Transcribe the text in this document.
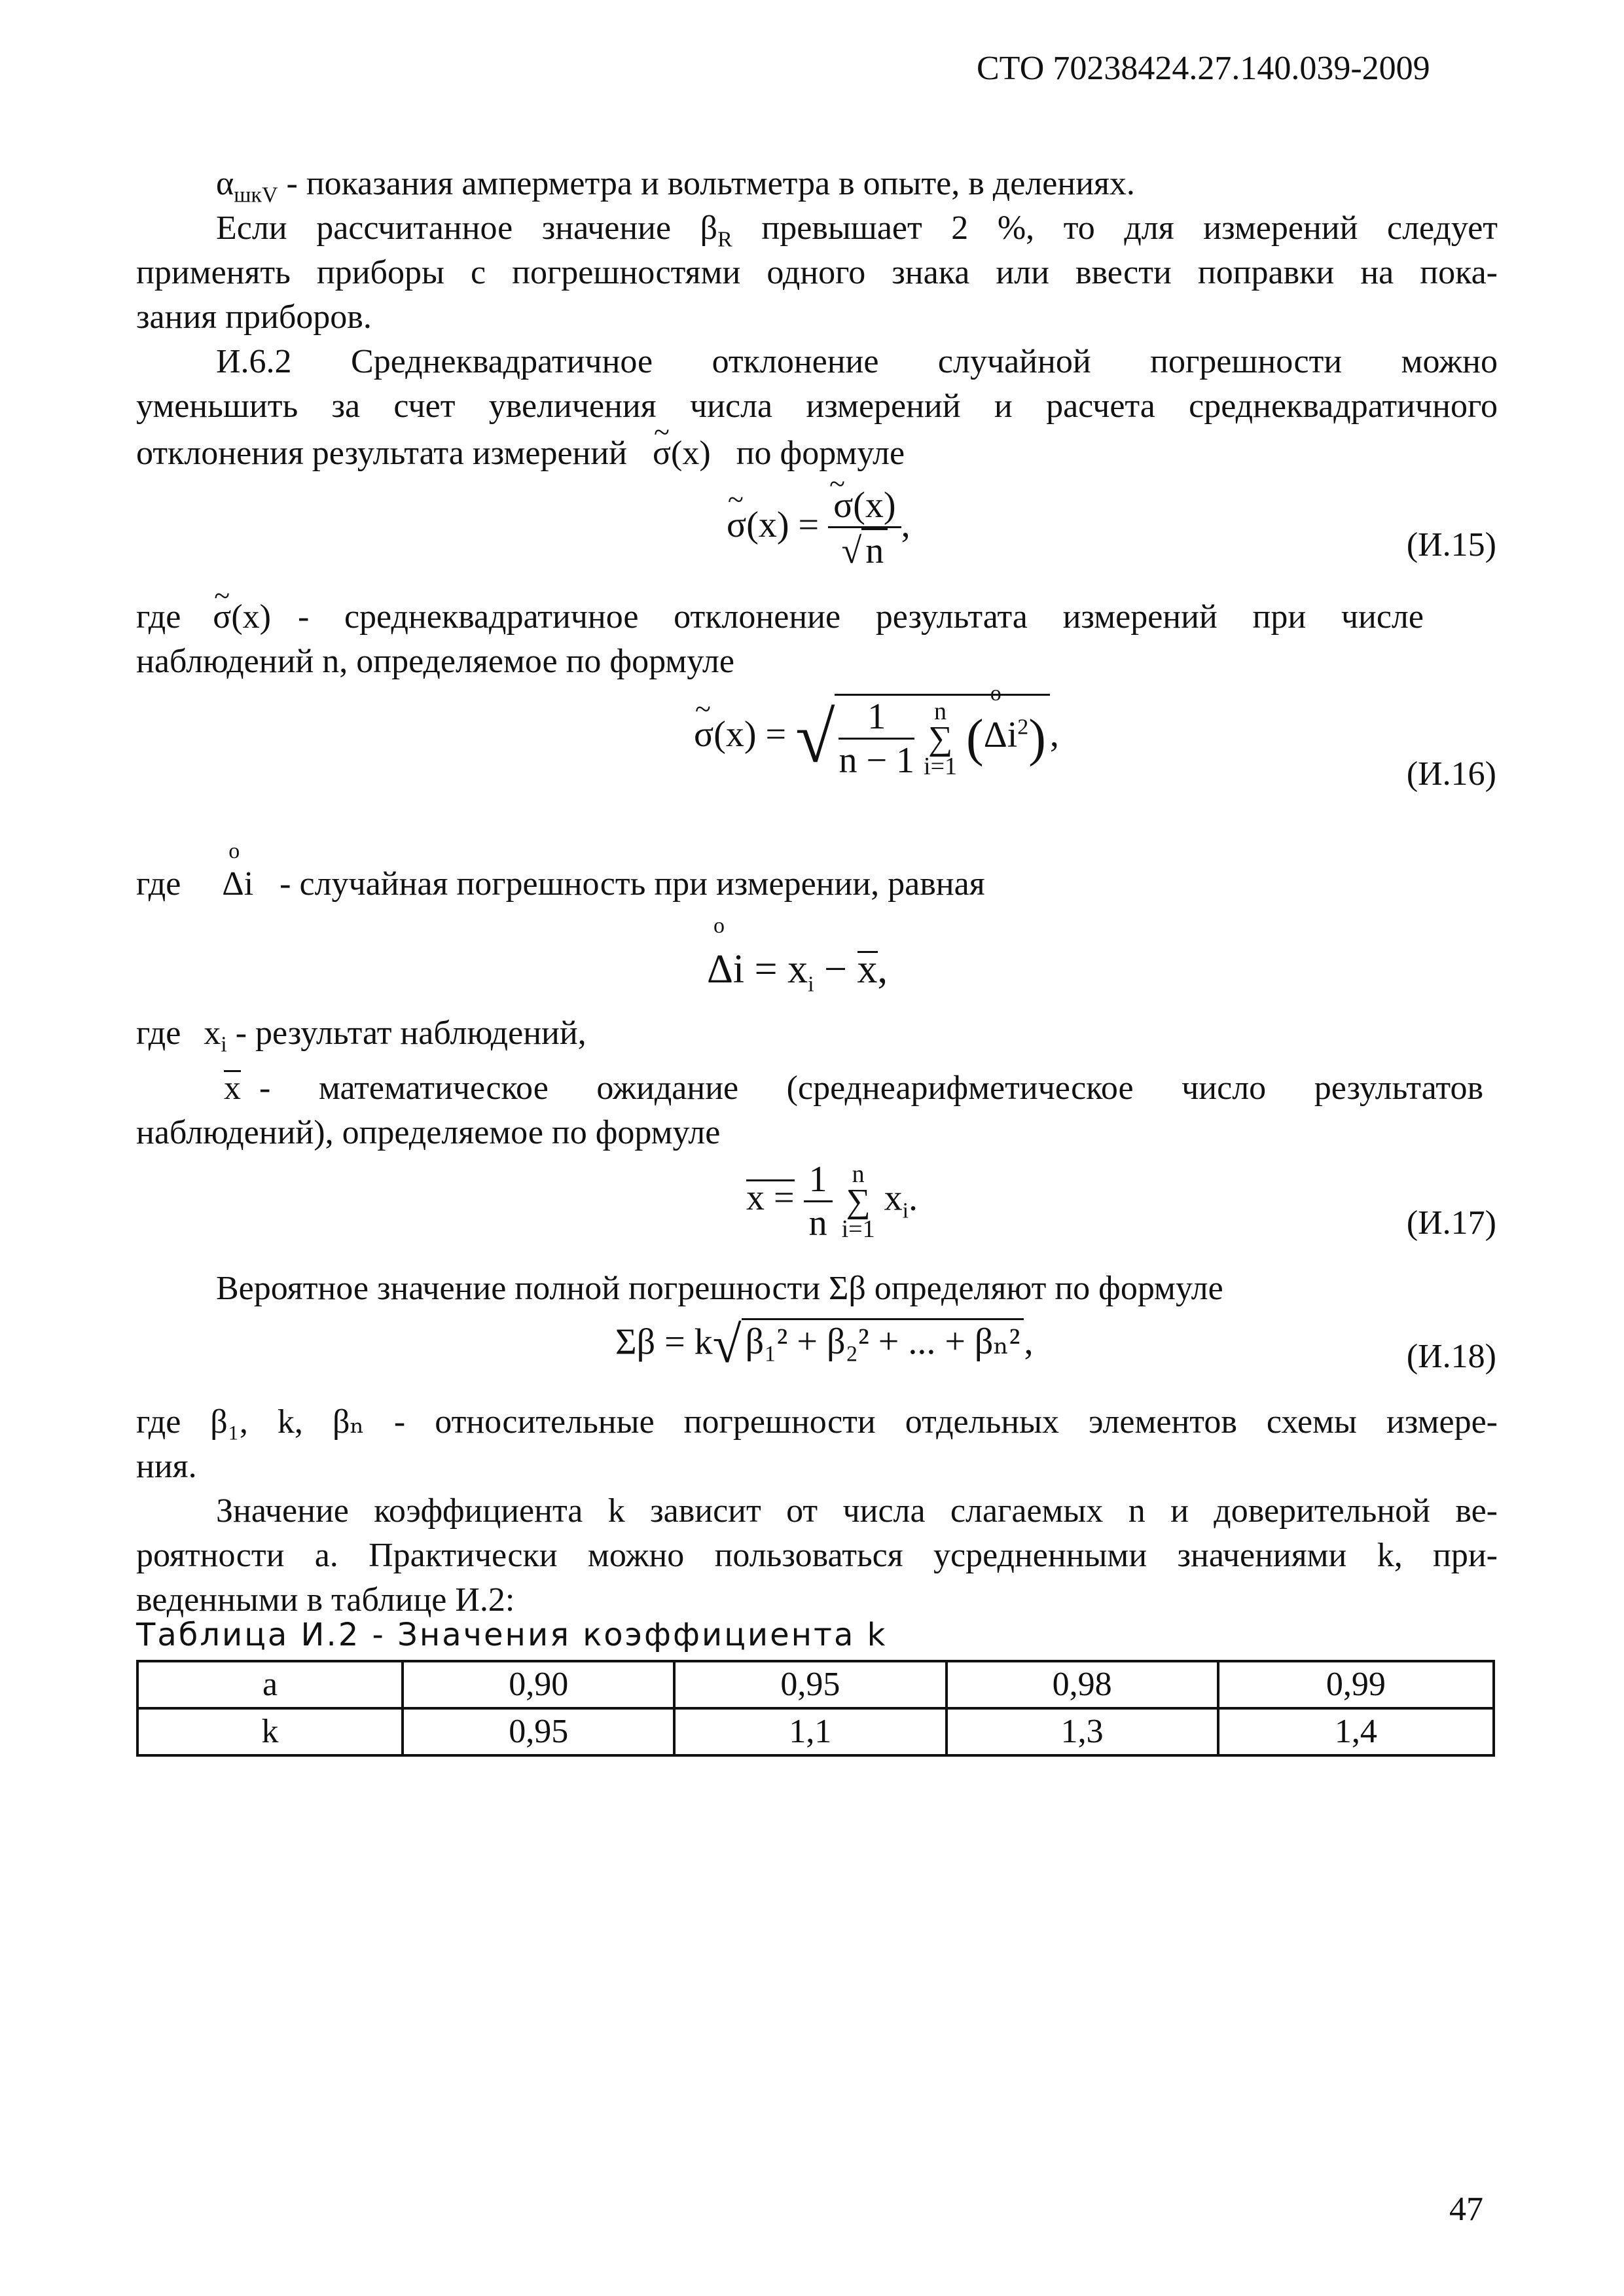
СТО 70238424.27.140.039-2009
$\alpha_{шкV}$ - показания амперметра и вольтметра в опыте, в делениях.
Если рассчитанное значение $\beta_R$ превышает 2 %, то для измерений следует
применять приборы с погрешностями одного знака или ввести поправки на пока-
зания приборов.
И.6.2 Среднеквадратичное отклонение случайной погрешности можно
уменьшить за счет увеличения числа измерений и расчета среднеквадратичного
отклонения результата измерений ~ σ(x) по формуле
~ σ(x) = ~ $\frac{\sigma(x)}{√ n}$ ,	(И.15)
где ~ σ(x) - среднеквадратичное отклонение результата измерений при числе
наблюдений n, определяемое по формуле
~ σ(x) = √ $\frac{1}{n - 1}$
n
∑
i=1 (o $\Delta i^2$) ,
(И.16)
где o Δi - случайная погрешность при измерении, равная
o $\Delta i = x_i - x$,
где $x_i$ - результат наблюдений,
x - математическое ожидание (среднеарифметическое число результатов
наблюдений), определяемое по формуле
$x = \frac{1}{n}$
n
∑
i=1
$x_i$.
(И.17)
Вероятное значение полной погрешности Σβ определяют по формуле
Σβ = k√ β₁² + β₂² + ... + βₙ² ,	(И.18)
где β₁, k, βₙ - относительные погрешности отдельных элементов схемы измере-
ния.
Значение коэффициента k зависит от числа слагаемых n и доверительной ве-
роятности a. Практически можно пользоваться усредненными значениями k, при-
веденными в таблице И.2:
Таблица И.2 - Значения коэффициента k
a	0,90	0,95	0,98	0,99
k	0,95	1,1	1,3	1,4
47
